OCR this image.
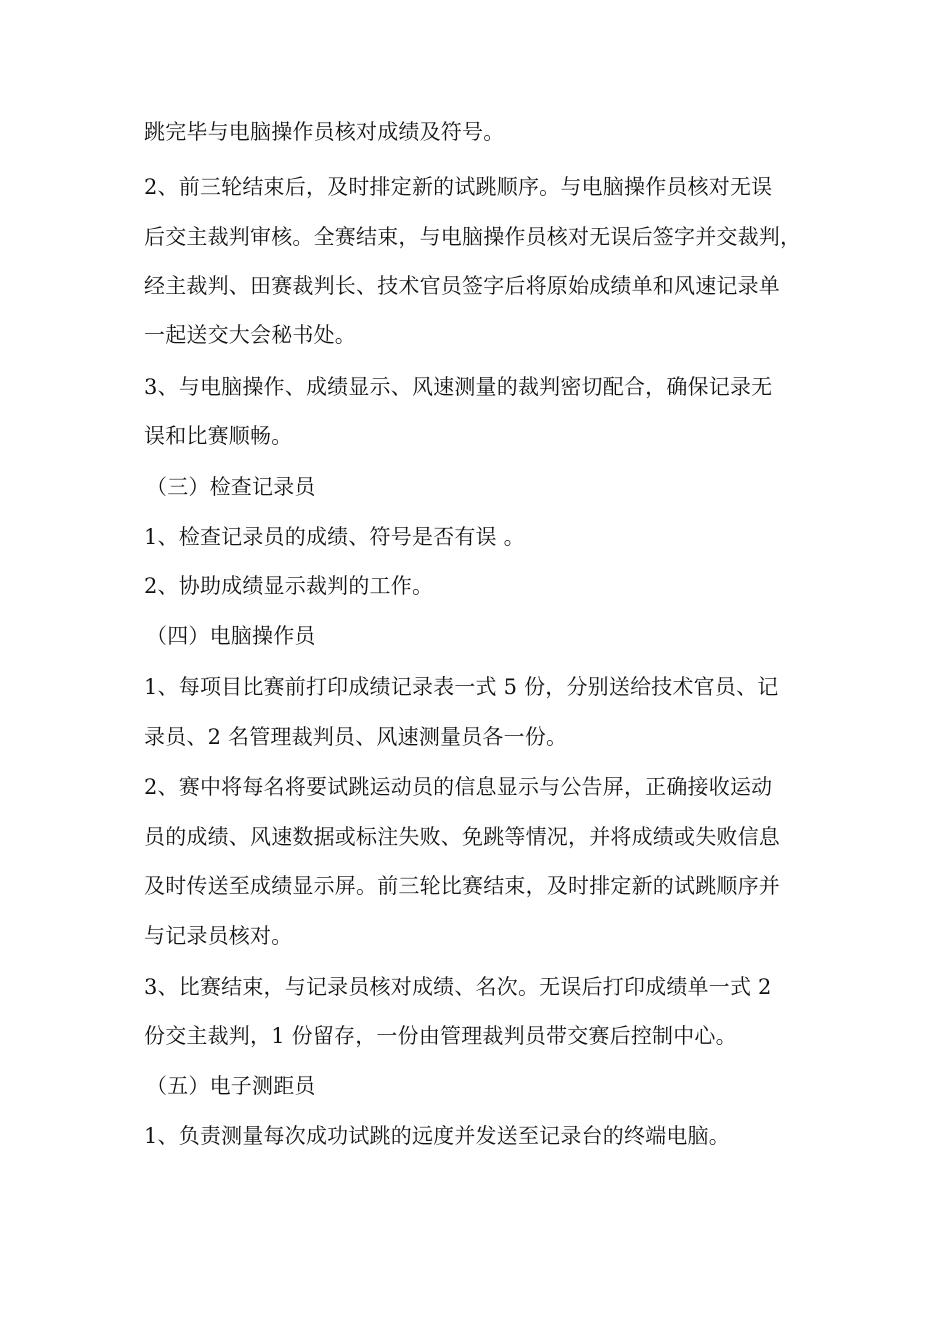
跳完毕与电脑操作员核对成绩及符号。
2、前三轮结束后，及时排定新的试跳顺序。与电脑操作员核对无误
后交主裁判审核。全赛结束，与电脑操作员核对无误后签字并交裁判，
经主裁判、田赛裁判长、技术官员签字后将原始成绩单和风速记录单
一起送交大会秘书处。
3、与电脑操作、成绩显示、风速测量的裁判密切配合，确保记录无
误和比赛顺畅。
（三）检查记录员
1、检查记录员的成绩、符号是否有误 。
2、协助成绩显示裁判的工作。
（四）电脑操作员
1、每项目比赛前打印成绩记录表一式 5 份，分别送给技术官员、记
录员、2 名管理裁判员、风速测量员各一份。
2、赛中将每名将要试跳运动员的信息显示与公告屏，正确接收运动
员的成绩、风速数据或标注失败、免跳等情况，并将成绩或失败信息
及时传送至成绩显示屏。前三轮比赛结束，及时排定新的试跳顺序并
与记录员核对。
3、比赛结束，与记录员核对成绩、名次。无误后打印成绩单一式 2
份交主裁判，1 份留存，一份由管理裁判员带交赛后控制中心。
（五）电子测距员
1、负责测量每次成功试跳的远度并发送至记录台的终端电脑。
